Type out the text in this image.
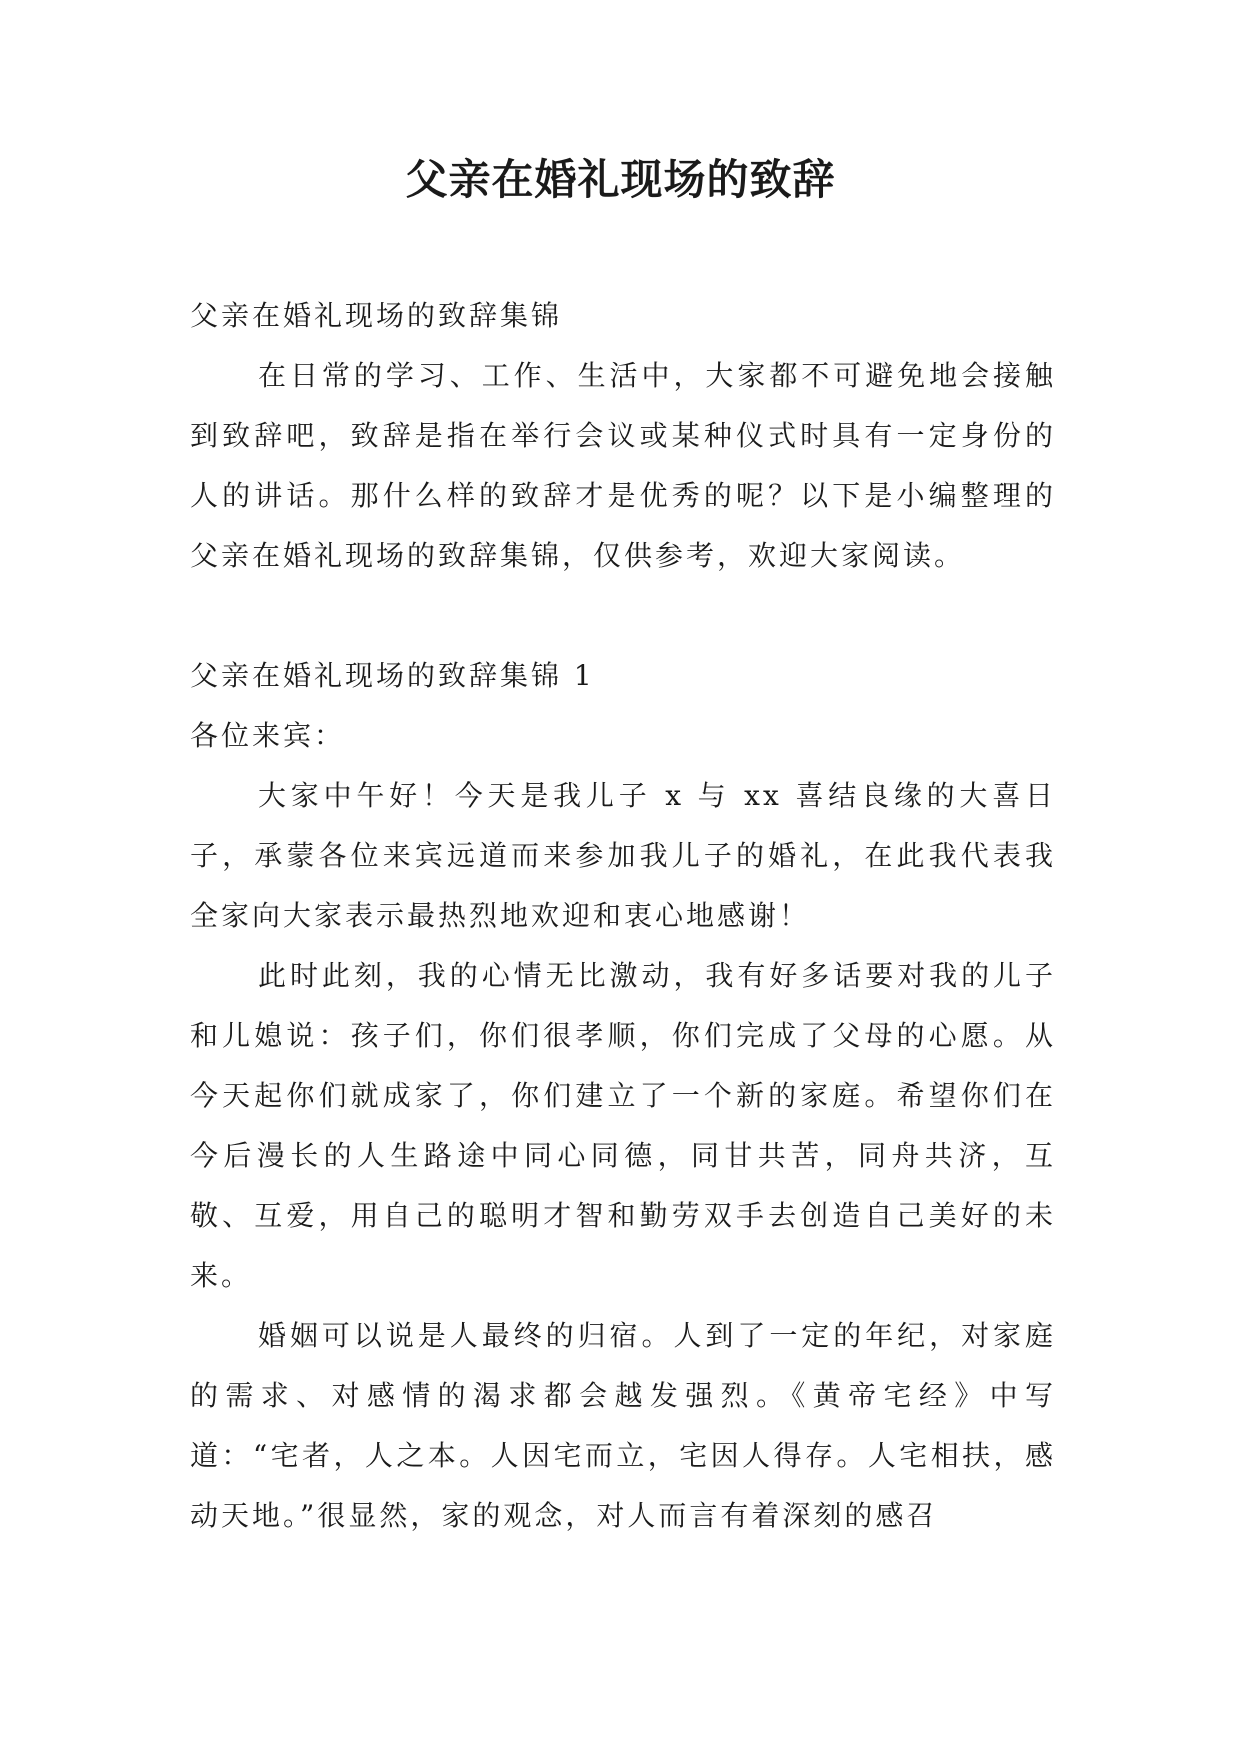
父亲在婚礼现场的致辞

父亲在婚礼现场的致辞集锦

在日常的学习、工作、生活中，大家都不可避免地会接触到致辞吧，致辞是指在举行会议或某种仪式时具有一定身份的人的讲话。那什么样的致辞才是优秀的呢？以下是小编整理的父亲在婚礼现场的致辞集锦，仅供参考，欢迎大家阅读。

父亲在婚礼现场的致辞集锦 1

各位来宾：

大家中午好！今天是我儿子 x 与 xx 喜结良缘的大喜日子，承蒙各位来宾远道而来参加我儿子的婚礼，在此我代表我全家向大家表示最热烈地欢迎和衷心地感谢！

此时此刻，我的心情无比激动，我有好多话要对我的儿子和儿媳说：孩子们，你们很孝顺，你们完成了父母的心愿。从今天起你们就成家了，你们建立了一个新的家庭。希望你们在今后漫长的人生路途中同心同德，同甘共苦，同舟共济，互敬、互爱，用自己的聪明才智和勤劳双手去创造自己美好的未来。

婚姻可以说是人最终的归宿。人到了一定的年纪，对家庭的需求、对感情的渴求都会越发强烈。《黄帝宅经》中写道：“宅者，人之本。人因宅而立，宅因人得存。人宅相扶，感动天地。”很显然，家的观念，对人而言有着深刻的感召
